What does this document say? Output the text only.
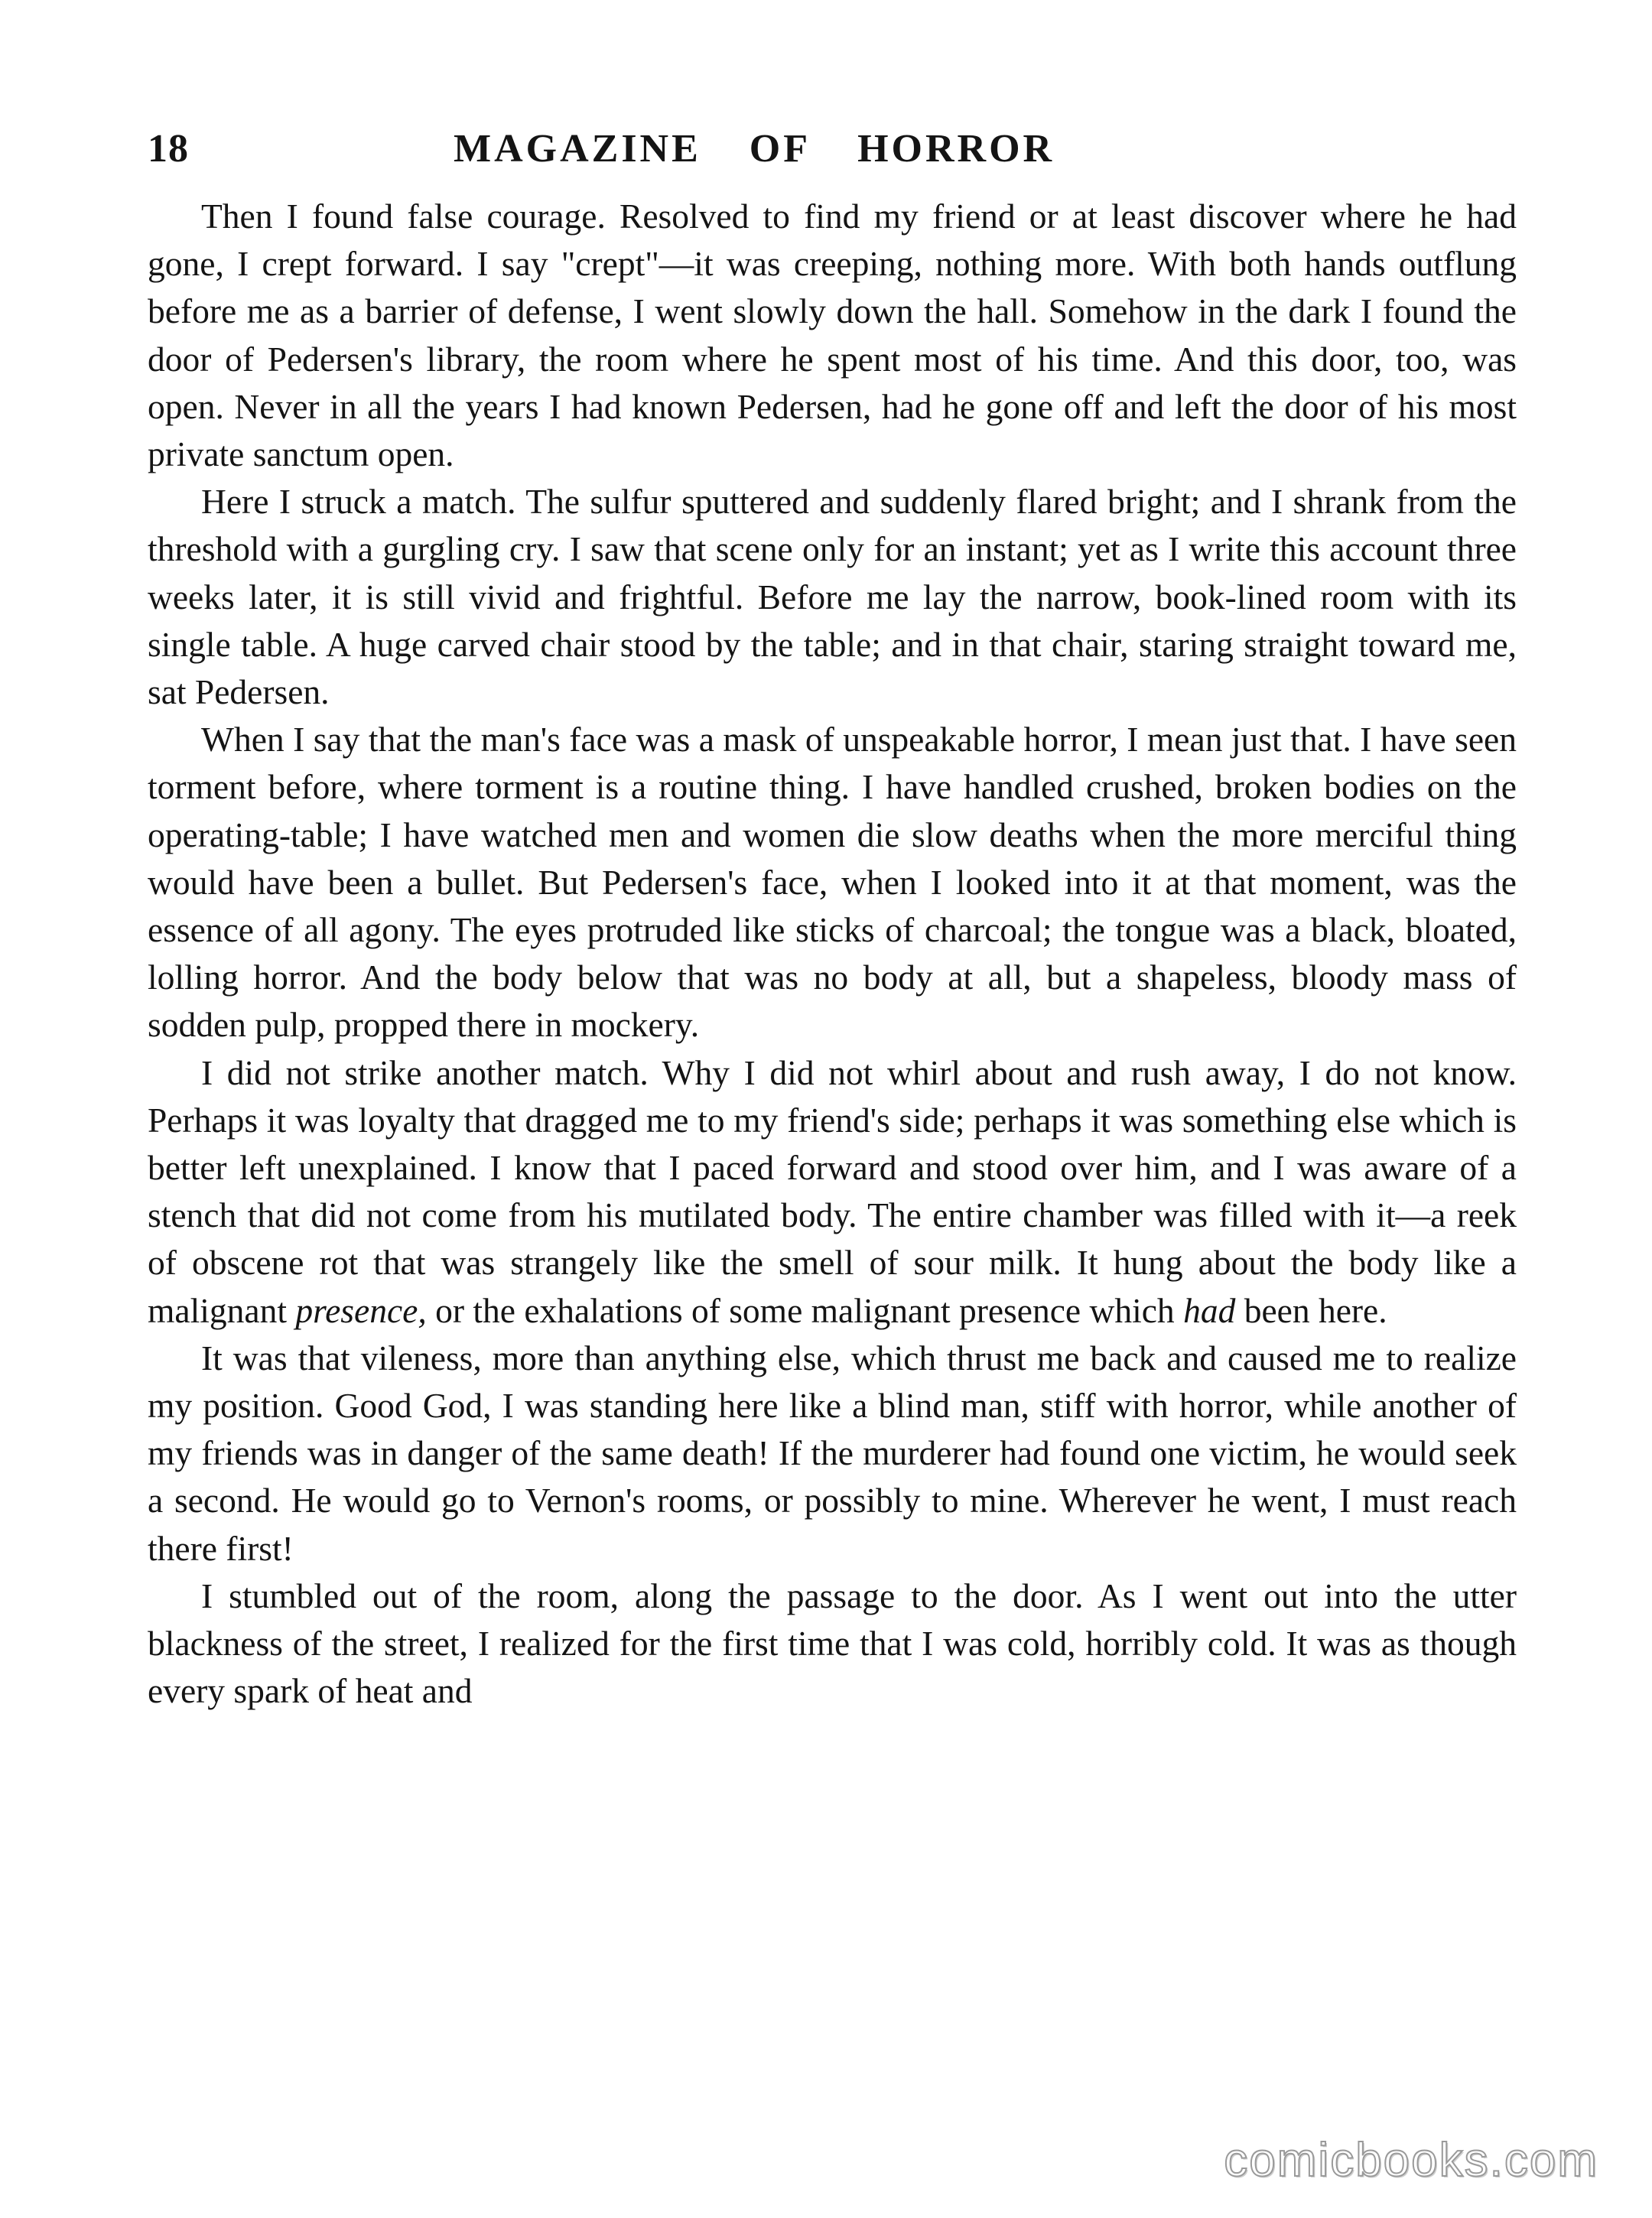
18	MAGAZINE OF HORROR

Then I found false courage. Resolved to find my friend or at least discover where he had gone, I crept forward. I say "crept"—it was creeping, nothing more. With both hands outflung before me as a barrier of defense, I went slowly down the hall. Somehow in the dark I found the door of Pedersen's library, the room where he spent most of his time. And this door, too, was open. Never in all the years I had known Pedersen, had he gone off and left the door of his most private sanctum open.

Here I struck a match. The sulfur sputtered and suddenly flared bright; and I shrank from the threshold with a gurgling cry. I saw that scene only for an instant; yet as I write this account three weeks later, it is still vivid and frightful. Before me lay the narrow, book-lined room with its single table. A huge carved chair stood by the table; and in that chair, staring straight toward me, sat Pedersen.

When I say that the man's face was a mask of unspeakable horror, I mean just that. I have seen torment before, where torment is a routine thing. I have handled crushed, broken bodies on the operating-table; I have watched men and women die slow deaths when the more merciful thing would have been a bullet. But Pedersen's face, when I looked into it at that moment, was the essence of all agony. The eyes protruded like sticks of charcoal; the tongue was a black, bloated, lolling horror. And the body below that was no body at all, but a shapeless, bloody mass of sodden pulp, propped there in mockery.

I did not strike another match. Why I did not whirl about and rush away, I do not know. Perhaps it was loyalty that dragged me to my friend's side; perhaps it was something else which is better left unexplained. I know that I paced forward and stood over him, and I was aware of a stench that did not come from his mutilated body. The entire chamber was filled with it—a reek of obscene rot that was strangely like the smell of sour milk. It hung about the body like a malignant presence, or the exhalations of some malignant presence which had been here.

It was that vileness, more than anything else, which thrust me back and caused me to realize my position. Good God, I was standing here like a blind man, stiff with horror, while another of my friends was in danger of the same death! If the murderer had found one victim, he would seek a second. He would go to Vernon's rooms, or possibly to mine. Wherever he went, I must reach there first!

I stumbled out of the room, along the passage to the door. As I went out into the utter blackness of the street, I realized for the first time that I was cold, horribly cold. It was as though every spark of heat and

comicbooks.com
